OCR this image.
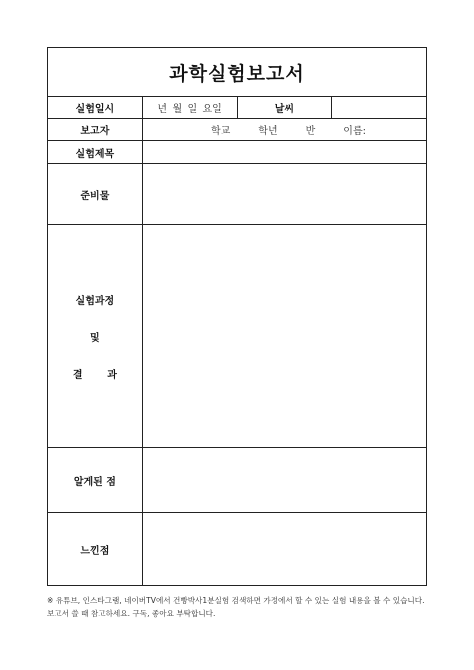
과학실험보고서			
실험일시	년 월 일 요일	날씨	
보고자	학교 학년 반 이름:		

실험제목			
준비물			

실험과정
및
결 과			

알게된 점			
느낀점			
※ 유튜브, 인스타그램, 네이버TV에서 건빵박사1분실험 검색하면 가정에서 할 수 있는 실험 내용을 볼 수 있습니다. 보고서 쓸 때 참고하세요. 구독, 좋아요 부탁합니다.
